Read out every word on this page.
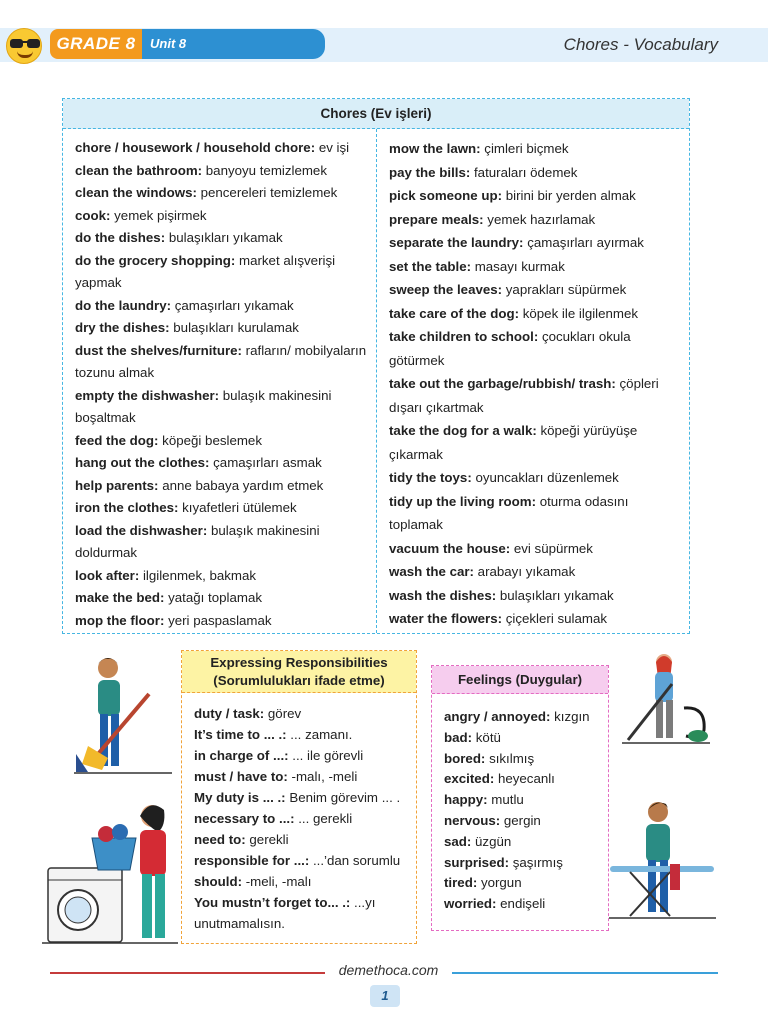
GRADE 8	Unit 8	Chores - Vocabulary
Chores (Ev işleri)
chore / housework / household chore: ev işi
clean the bathroom: banyoyu temizlemek
clean the windows: pencereleri temizlemek
cook: yemek pişirmek
do the dishes: bulaşıkları yıkamak
do the grocery shopping: market alışverişi yapmak
do the laundry: çamaşırları yıkamak
dry the dishes: bulaşıkları kurulamak
dust the shelves/furniture: rafların/ mobilyaların tozunu almak
empty the dishwasher: bulaşık makinesini boşaltmak
feed the dog: köpeği beslemek
hang out the clothes: çamaşırları asmak
help parents: anne babaya yardım etmek
iron the clothes: kıyafetleri ütülemek
load the dishwasher: bulaşık makinesini doldurmak
look after: ilgilenmek, bakmak
make the bed: yatağı toplamak
mop the floor: yeri paspaslamak
mow the lawn: çimleri biçmek
pay the bills: faturaları ödemek
pick someone up: birini bir yerden almak
prepare meals: yemek hazırlamak
separate the laundry: çamaşırları ayırmak
set the table: masayı kurmak
sweep the leaves: yaprakları süpürmek
take care of the dog: köpek ile ilgilenmek
take children to school: çocukları okula götürmek
take out the garbage/rubbish/ trash: çöpleri dışarı çıkartmak
take the dog for a walk: köpeği yürüyüşe çıkarmak
tidy the toys: oyuncakları düzenlemek
tidy up the living room: oturma odasını toplamak
vacuum the house: evi süpürmek
wash the car: arabayı yıkamak
wash the dishes: bulaşıkları yıkamak
water the flowers: çiçekleri sulamak
Expressing Responsibilities
(Sorumlulukları ifade etme)
duty / task: görev
It’s time to ... .: ... zamanı.
in charge of ...: ... ile görevli
must / have to: -malı, -meli
My duty is ... .: Benim görevim ... .
necessary to ...: ... gerekli
need to: gerekli
responsible for ...: ...’dan sorumlu
should: -meli, -malı
You mustn’t forget to... .: ...yı unutmamalısın.
Feelings (Duygular)
angry / annoyed: kızgın
bad: kötü
bored: sıkılmış
excited: heyecanlı
happy: mutlu
nervous: gergin
sad: üzgün
surprised: şaşırmış
tired: yorgun
worried: endişeli
demethoca.com
1
